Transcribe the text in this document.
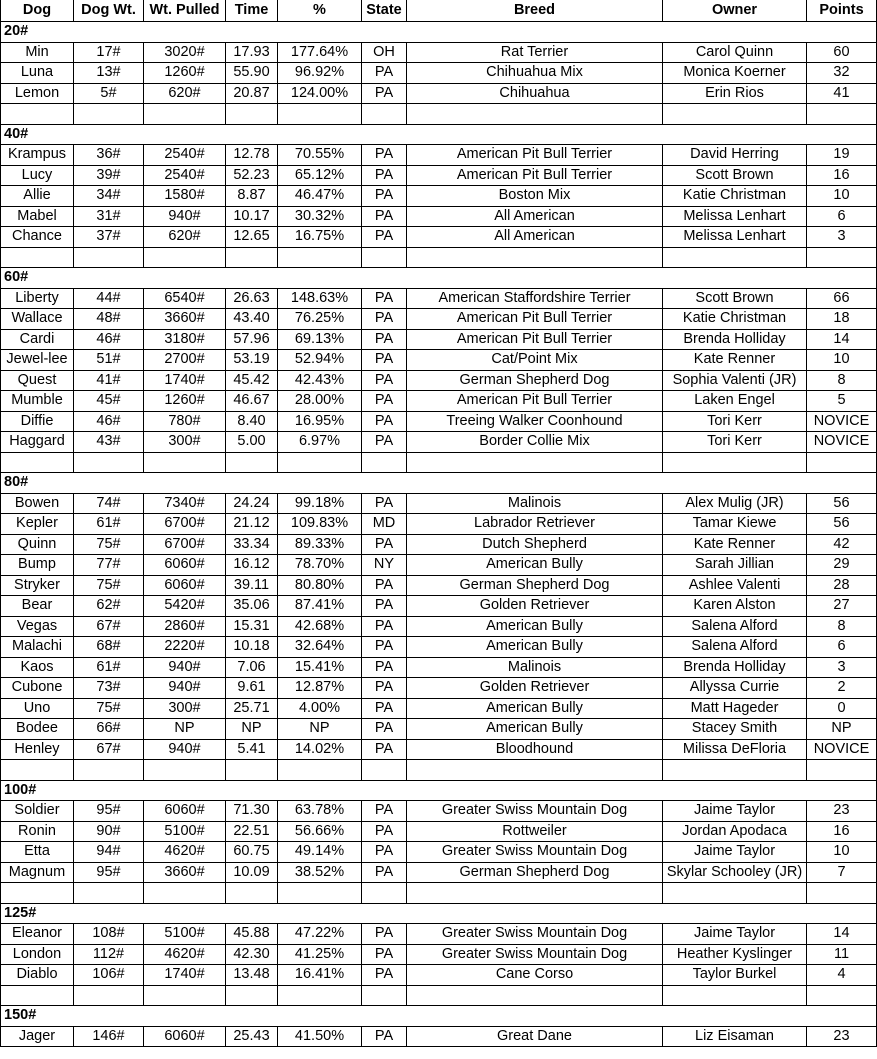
Dog	Dog Wt.	Wt. Pulled	Time	%	State	Breed	Owner	Points
20#								
Min	17#	3020#	17.93	177.64%	OH	Rat Terrier	Carol Quinn	60
Luna	13#	1260#	55.90	96.92%	PA	Chihuahua Mix	Monica Koerner	32
Lemon	5#	620#	20.87	124.00%	PA	Chihuahua	Erin Rios	41

40#								
Krampus	36#	2540#	12.78	70.55%	PA	American Pit Bull Terrier	David Herring	19
Lucy	39#	2540#	52.23	65.12%	PA	American Pit Bull Terrier	Scott Brown	16
Allie	34#	1580#	8.87	46.47%	PA	Boston Mix	Katie Christman	10
Mabel	31#	940#	10.17	30.32%	PA	All American	Melissa Lenhart	6
Chance	37#	620#	12.65	16.75%	PA	All American	Melissa Lenhart	3

60#								
Liberty	44#	6540#	26.63	148.63%	PA	American Staffordshire Terrier	Scott Brown	66
Wallace	48#	3660#	43.40	76.25%	PA	American Pit Bull Terrier	Katie Christman	18
Cardi	46#	3180#	57.96	69.13%	PA	American Pit Bull Terrier	Brenda Holliday	14
Jewel-lee	51#	2700#	53.19	52.94%	PA	Cat/Point Mix	Kate Renner	10
Quest	41#	1740#	45.42	42.43%	PA	German Shepherd Dog	Sophia Valenti (JR)	8
Mumble	45#	1260#	46.67	28.00%	PA	American Pit Bull Terrier	Laken Engel	5
Diffie	46#	780#	8.40	16.95%	PA	Treeing Walker Coonhound	Tori Kerr	NOVICE
Haggard	43#	300#	5.00	6.97%	PA	Border Collie Mix	Tori Kerr	NOVICE

80#								
Bowen	74#	7340#	24.24	99.18%	PA	Malinois	Alex Mulig (JR)	56
Kepler	61#	6700#	21.12	109.83%	MD	Labrador Retriever	Tamar Kiewe	56
Quinn	75#	6700#	33.34	89.33%	PA	Dutch Shepherd	Kate Renner	42
Bump	77#	6060#	16.12	78.70%	NY	American Bully	Sarah Jillian	29
Stryker	75#	6060#	39.11	80.80%	PA	German Shepherd Dog	Ashlee Valenti	28
Bear	62#	5420#	35.06	87.41%	PA	Golden Retriever	Karen Alston	27
Vegas	67#	2860#	15.31	42.68%	PA	American Bully	Salena Alford	8
Malachi	68#	2220#	10.18	32.64%	PA	American Bully	Salena Alford	6
Kaos	61#	940#	7.06	15.41%	PA	Malinois	Brenda Holliday	3
Cubone	73#	940#	9.61	12.87%	PA	Golden Retriever	Allyssa Currie	2
Uno	75#	300#	25.71	4.00%	PA	American Bully	Matt Hageder	0
Bodee	66#	NP	NP	NP	PA	American Bully	Stacey Smith	NP
Henley	67#	940#	5.41	14.02%	PA	Bloodhound	Milissa DeFloria	NOVICE

100#								
Soldier	95#	6060#	71.30	63.78%	PA	Greater Swiss Mountain Dog	Jaime Taylor	23
Ronin	90#	5100#	22.51	56.66%	PA	Rottweiler	Jordan Apodaca	16
Etta	94#	4620#	60.75	49.14%	PA	Greater Swiss Mountain Dog	Jaime Taylor	10
Magnum	95#	3660#	10.09	38.52%	PA	German Shepherd Dog	Skylar Schooley (JR)	7

125#								
Eleanor	108#	5100#	45.88	47.22%	PA	Greater Swiss Mountain Dog	Jaime Taylor	14
London	112#	4620#	42.30	41.25%	PA	Greater Swiss Mountain Dog	Heather Kyslinger	11
Diablo	106#	1740#	13.48	16.41%	PA	Cane Corso	Taylor Burkel	4

150#								
Jager	146#	6060#	25.43	41.50%	PA	Great Dane	Liz Eisaman	23
